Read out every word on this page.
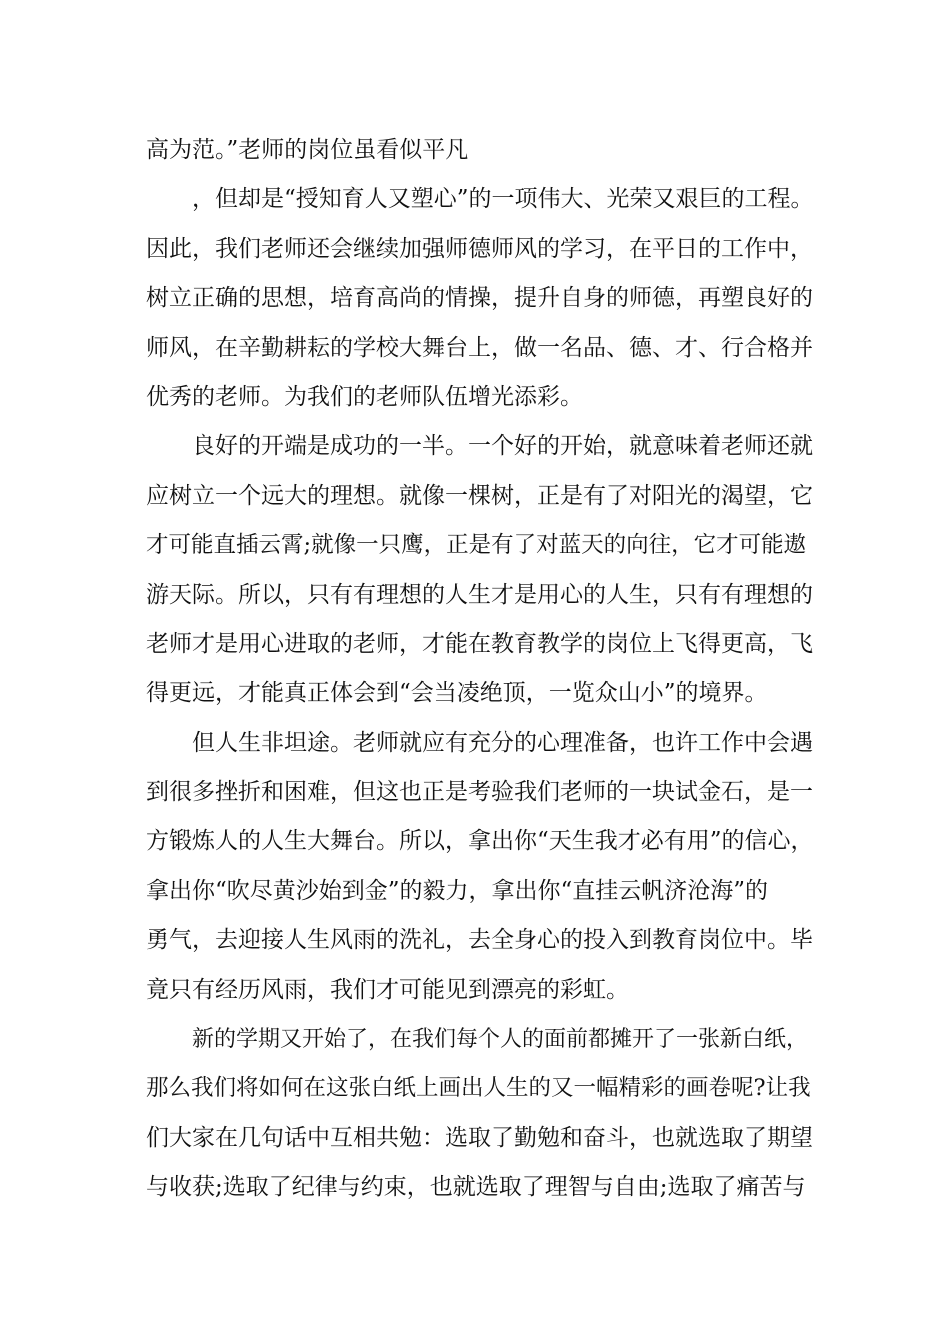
高为范。”老师的岗位虽看似平凡
，但却是“授知育人又塑心”的一项伟大、光荣又艰巨的工程。
因此，我们老师还会继续加强师德师风的学习，在平日的工作中，
树立正确的思想，培育高尚的情操，提升自身的师德，再塑良好的
师风，在辛勤耕耘的学校大舞台上，做一名品、德、才、行合格并
优秀的老师。为我们的老师队伍增光添彩。
良好的开端是成功的一半。一个好的开始，就意味着老师还就
应树立一个远大的理想。就像一棵树，正是有了对阳光的渴望，它
才可能直插云霄;就像一只鹰，正是有了对蓝天的向往，它才可能遨
游天际。所以，只有有理想的人生才是用心的人生，只有有理想的
老师才是用心进取的老师，才能在教育教学的岗位上飞得更高，飞
得更远，才能真正体会到“会当凌绝顶，一览众山小”的境界。
但人生非坦途。老师就应有充分的心理准备，也许工作中会遇
到很多挫折和困难，但这也正是考验我们老师的一块试金石，是一
方锻炼人的人生大舞台。所以，拿出你“天生我才必有用”的信心，
拿出你“吹尽黄沙始到金”的毅力，拿出你“直挂云帆济沧海”的
勇气，去迎接人生风雨的洗礼，去全身心的投入到教育岗位中。毕
竟只有经历风雨，我们才可能见到漂亮的彩虹。
新的学期又开始了，在我们每个人的面前都摊开了一张新白纸，
那么我们将如何在这张白纸上画出人生的又一幅精彩的画卷呢?让我
们大家在几句话中互相共勉：选取了勤勉和奋斗，也就选取了期望
与收获;选取了纪律与约束，也就选取了理智与自由;选取了痛苦与
